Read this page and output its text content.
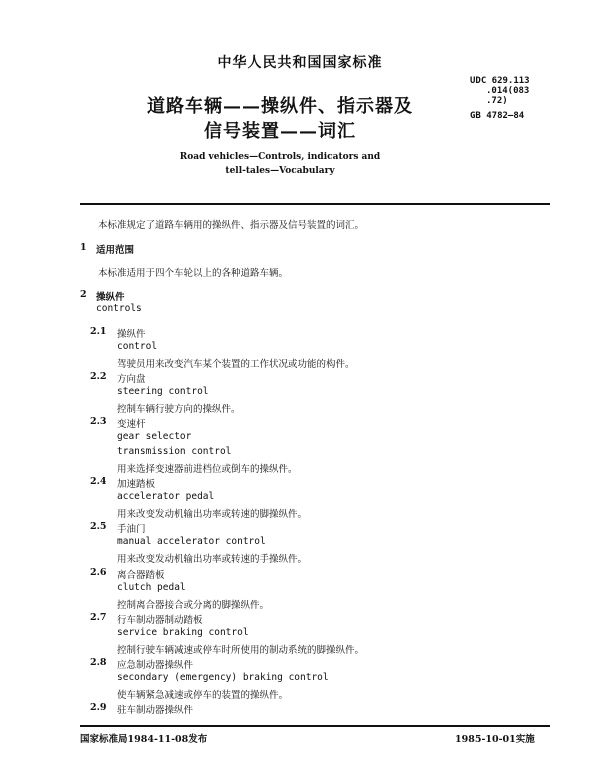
中华人民共和国国家标准
UDC 629.113
.014(083
.72)
GB 4782—84
道路车辆——操纵件、指示器及
信号装置——词汇
Road vehicles—Controls, indicators and
tell-tales—Vocabulary
本标准规定了道路车辆用的操纵件、指示器及信号装置的词汇。
1 适用范围
本标准适用于四个车轮以上的各种道路车辆。
2 操纵件
controls
2.1 操纵件
control
驾驶员用来改变汽车某个装置的工作状况或功能的构件。
2.2 方向盘
steering control
控制车辆行驶方向的操纵件。
2.3 变速杆
gear selector
transmission control
用来选择变速器前进档位或倒车的操纵件。
2.4 加速踏板
accelerator pedal
用来改变发动机输出功率或转速的脚操纵件。
2.5 手油门
manual accelerator control
用来改变发动机输出功率或转速的手操纵件。
2.6 离合器踏板
clutch pedal
控制离合器接合或分离的脚操纵件。
2.7 行车制动器制动踏板
service braking control
控制行驶车辆减速或停车时所使用的制动系统的脚操纵件。
2.8 应急制动器操纵件
secondary (emergency) braking control
使车辆紧急减速或停车的装置的操纵件。
2.9 驻车制动器操纵件
国家标准局1984-11-08发布	1985-10-01实施
